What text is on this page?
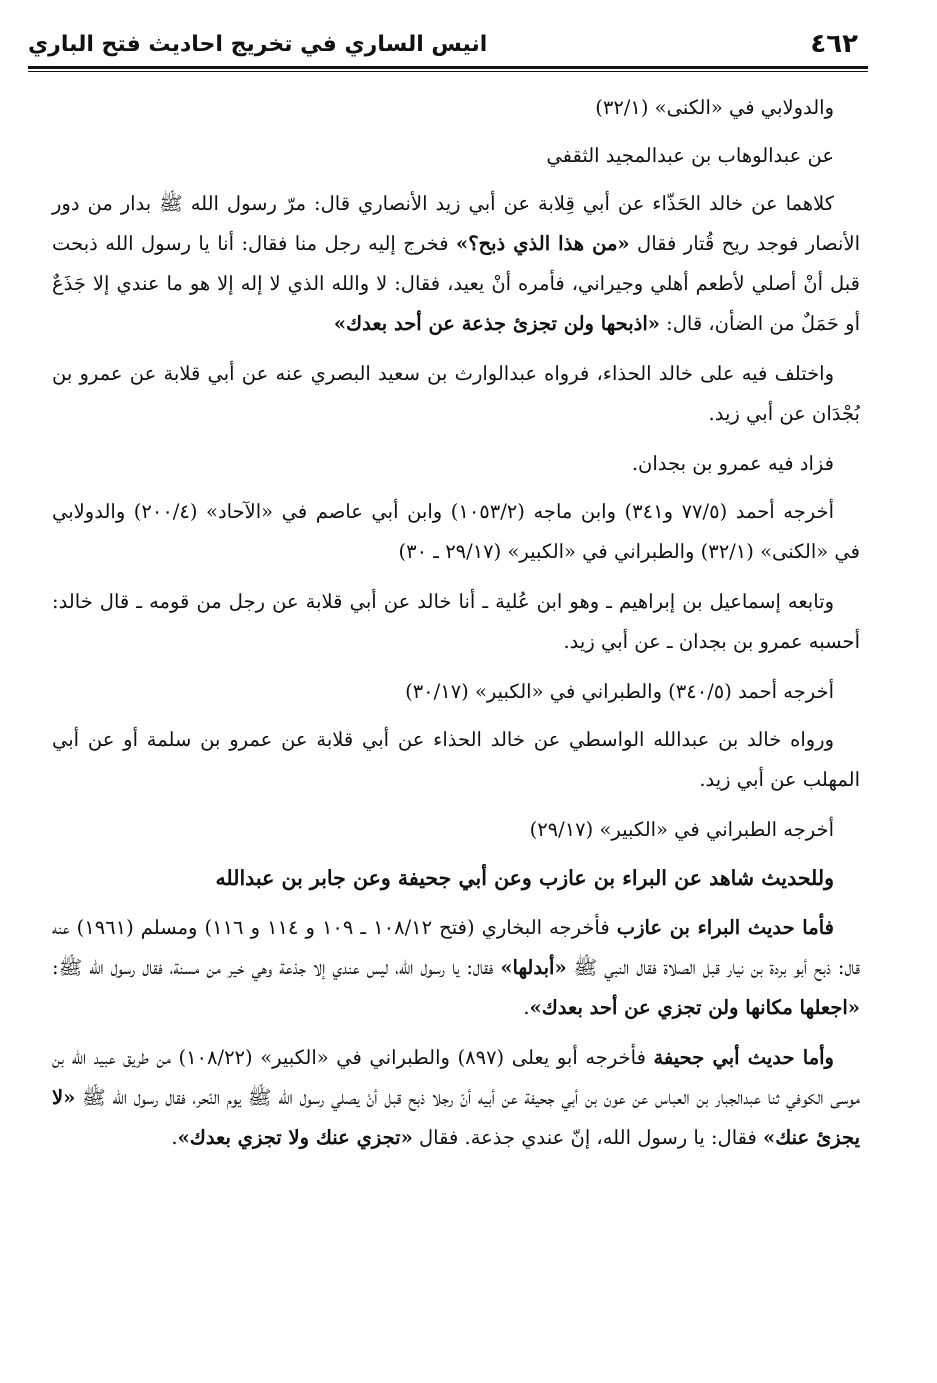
٤٦٢
انيس الساري في تخريج احاديث فتح الباري

والدولابي في «الكنى» (٣٢/١)

عن عبدالوهاب بن عبدالمجيد الثقفي

كلاهما عن خالد الحَذّاء عن أبي قِلابة عن أبي زيد الأنصاري قال: مرّ رسول الله ﷺ بدار من دور الأنصار فوجد ريح قُتار فقال «من هذا الذي ذبح؟» فخرج إليه رجل منا فقال: أنا يا رسول الله ذبحت قبل أنْ أصلي لأطعم أهلي وجيراني، فأمره أنْ يعيد، فقال: لا والله الذي لا إله إلا هو ما عندي إلا جَذَعٌ أو حَمَلٌ من الضأن، قال: «اذبحها ولن تجزئ جذعة عن أحد بعدك»

واختلف فيه على خالد الحذاء، فرواه عبدالوارث بن سعيد البصري عنه عن أبي قلابة عن عمرو بن بُجْدَان عن أبي زيد.

فزاد فيه عمرو بن بجدان.

أخرجه أحمد (٧٧/٥ و٣٤١) وابن ماجه (١٠٥٣/٢) وابن أبي عاصم في «الآحاد» (٢٠٠/٤) والدولابي في «الكنى» (٣٢/١) والطبراني في «الكبير» (٢٩/١٧ ـ ٣٠)

وتابعه إسماعيل بن إبراهيم ـ وهو ابن عُلية ـ أنا خالد عن أبي قلابة عن رجل من قومه ـ قال خالد: أحسبه عمرو بن بجدان ـ عن أبي زيد.

أخرجه أحمد (٣٤٠/٥) والطبراني في «الكبير» (٣٠/١٧)

ورواه خالد بن عبدالله الواسطي عن خالد الحذاء عن أبي قلابة عن عمرو بن سلمة أو عن أبي المهلب عن أبي زيد.

أخرجه الطبراني في «الكبير» (٢٩/١٧)

وللحديث شاهد عن البراء بن عازب وعن أبي جحيفة وعن جابر بن عبدالله

فأما حديث البراء بن عازب فأخرجه البخاري (فتح ١٠٨/١٢ ـ ١٠٩ و ١١٤ و ١١٦) ومسلم (١٩٦١) عنه قال: ذبح أبو بردة بن نيار قبل الصلاة فقال النبي ﷺ «أبدلها» فقال: يا رسول الله، ليس عندي إلا جذعة وهي خير من مسنة، فقال رسول الله ﷺ: «اجعلها مكانها ولن تجزي عن أحد بعدك».

وأما حديث أبي جحيفة فأخرجه أبو يعلى (٨٩٧) والطبراني في «الكبير» (١٠٨/٢٢) من طريق عبيد الله بن موسى الكوفي ثنا عبدالجبار بن العباس عن عون بن أبي جحيفة عن أبيه أنّ رجلا ذبح قبل أنْ يصلي رسول الله ﷺ يوم النّحر، فقال رسول الله ﷺ «لا يجزئ عنك» فقال: يا رسول الله، إنّ عندي جذعة. فقال «تجزي عنك ولا تجزي بعدك».
